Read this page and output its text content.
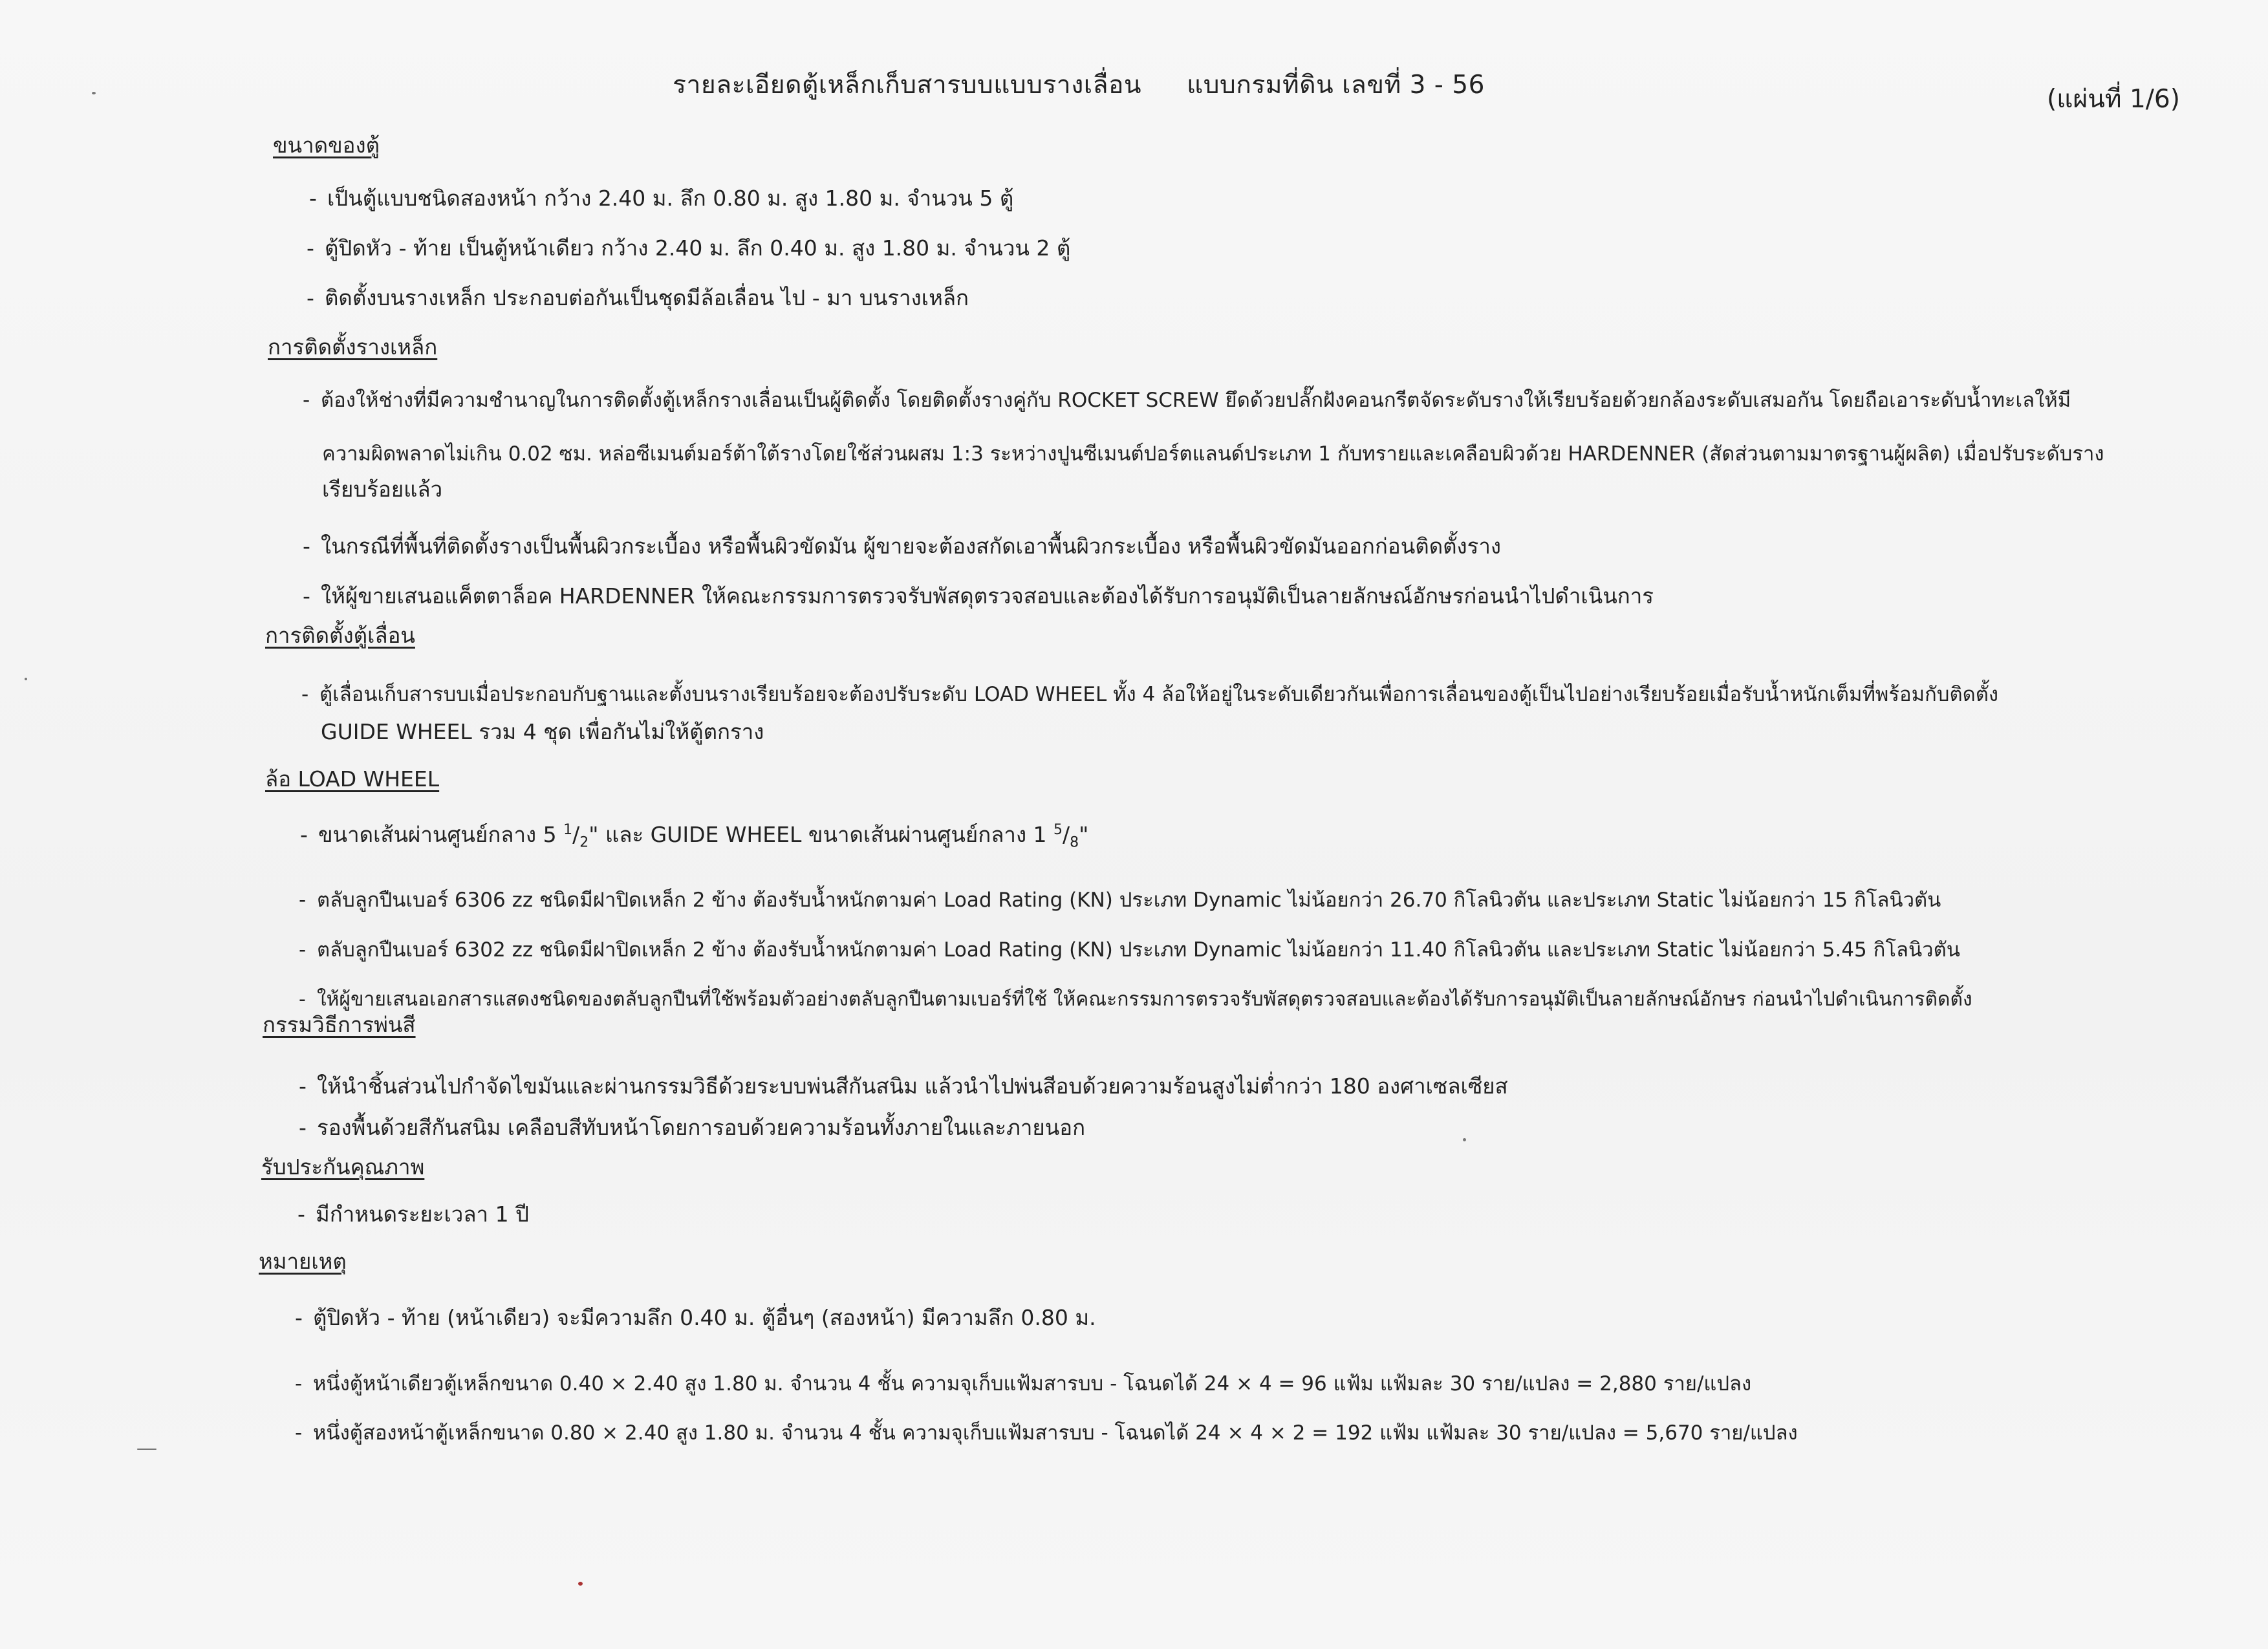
รายละเอียดตู้เหล็กเก็บสารบบแบบรางเลื่อน แบบกรมที่ดิน เลขที่ 3 - 56	(แผ่นที่ 1/6)
ขนาดของตู้
- เป็นตู้แบบชนิดสองหน้า กว้าง 2.40 ม. ลึก 0.80 ม. สูง 1.80 ม. จำนวน 5 ตู้
- ตู้ปิดหัว - ท้าย เป็นตู้หน้าเดียว กว้าง 2.40 ม. ลึก 0.40 ม. สูง 1.80 ม. จำนวน 2 ตู้
- ติดตั้งบนรางเหล็ก ประกอบต่อกันเป็นชุดมีล้อเลื่อน ไป - มา บนรางเหล็ก
การติดตั้งรางเหล็ก
- ต้องให้ช่างที่มีความชำนาญในการติดตั้งตู้เหล็กรางเลื่อนเป็นผู้ติดตั้ง โดยติดตั้งรางคู่กับ ROCKET SCREW ยึดด้วยปลั๊กฝังคอนกรีตจัดระดับรางให้เรียบร้อยด้วยกล้องระดับเสมอกัน โดยถือเอาระดับน้ำทะเลให้มี
ความผิดพลาดไม่เกิน 0.02 ซม. หล่อซีเมนต์มอร์ต้าใต้รางโดยใช้ส่วนผสม 1:3 ระหว่างปูนซีเมนต์ปอร์ตแลนด์ประเภท 1 กับทรายและเคลือบผิวด้วย HARDENNER (สัดส่วนตามมาตรฐานผู้ผลิต) เมื่อปรับระดับราง
เรียบร้อยแล้ว
- ในกรณีที่พื้นที่ติดตั้งรางเป็นพื้นผิวกระเบื้อง หรือพื้นผิวขัดมัน ผู้ขายจะต้องสกัดเอาพื้นผิวกระเบื้อง หรือพื้นผิวขัดมันออกก่อนติดตั้งราง
- ให้ผู้ขายเสนอแค็ตตาล็อค HARDENNER ให้คณะกรรมการตรวจรับพัสดุตรวจสอบและต้องได้รับการอนุมัติเป็นลายลักษณ์อักษรก่อนนำไปดำเนินการ
การติดตั้งตู้เลื่อน
- ตู้เลื่อนเก็บสารบบเมื่อประกอบกับฐานและตั้งบนรางเรียบร้อยจะต้องปรับระดับ LOAD WHEEL ทั้ง 4 ล้อให้อยู่ในระดับเดียวกันเพื่อการเลื่อนของตู้เป็นไปอย่างเรียบร้อยเมื่อรับน้ำหนักเต็มที่พร้อมกับติดตั้ง
GUIDE WHEEL รวม 4 ชุด เพื่อกันไม่ให้ตู้ตกราง
ล้อ LOAD WHEEL
- ขนาดเส้นผ่านศูนย์กลาง 5 $^1/_2$" และ GUIDE WHEEL ขนาดเส้นผ่านศูนย์กลาง 1 $^5/_8$"
- ตลับลูกปืนเบอร์ 6306 zz ชนิดมีฝาปิดเหล็ก 2 ข้าง ต้องรับน้ำหนักตามค่า Load Rating (KN) ประเภท Dynamic ไม่น้อยกว่า 26.70 กิโลนิวตัน และประเภท Static ไม่น้อยกว่า 15 กิโลนิวตัน
- ตลับลูกปืนเบอร์ 6302 zz ชนิดมีฝาปิดเหล็ก 2 ข้าง ต้องรับน้ำหนักตามค่า Load Rating (KN) ประเภท Dynamic ไม่น้อยกว่า 11.40 กิโลนิวตัน และประเภท Static ไม่น้อยกว่า 5.45 กิโลนิวตัน
- ให้ผู้ขายเสนอเอกสารแสดงชนิดของตลับลูกปืนที่ใช้พร้อมตัวอย่างตลับลูกปืนตามเบอร์ที่ใช้ ให้คณะกรรมการตรวจรับพัสดุตรวจสอบและต้องได้รับการอนุมัติเป็นลายลักษณ์อักษร ก่อนนำไปดำเนินการติดตั้ง
กรรมวิธีการพ่นสี
- ให้นำชิ้นส่วนไปกำจัดไขมันและผ่านกรรมวิธีด้วยระบบพ่นสีกันสนิม แล้วนำไปพ่นสีอบด้วยความร้อนสูงไม่ต่ำกว่า 180 องศาเซลเซียส
- รองพื้นด้วยสีกันสนิม เคลือบสีทับหน้าโดยการอบด้วยความร้อนทั้งภายในและภายนอก
รับประกันคุณภาพ
- มีกำหนดระยะเวลา 1 ปี
หมายเหตุ
- ตู้ปิดหัว - ท้าย (หน้าเดียว) จะมีความลึก 0.40 ม. ตู้อื่นๆ (สองหน้า) มีความลึก 0.80 ม.
- หนึ่งตู้หน้าเดียวตู้เหล็กขนาด 0.40 × 2.40 สูง 1.80 ม. จำนวน 4 ชั้น ความจุเก็บแฟ้มสารบบ - โฉนดได้ 24 × 4 = 96 แฟ้ม แฟ้มละ 30 ราย/แปลง = 2,880 ราย/แปลง
- หนึ่งตู้สองหน้าตู้เหล็กขนาด 0.80 × 2.40 สูง 1.80 ม. จำนวน 4 ชั้น ความจุเก็บแฟ้มสารบบ - โฉนดได้ 24 × 4 × 2 = 192 แฟ้ม แฟ้มละ 30 ราย/แปลง = 5,670 ราย/แปลง
